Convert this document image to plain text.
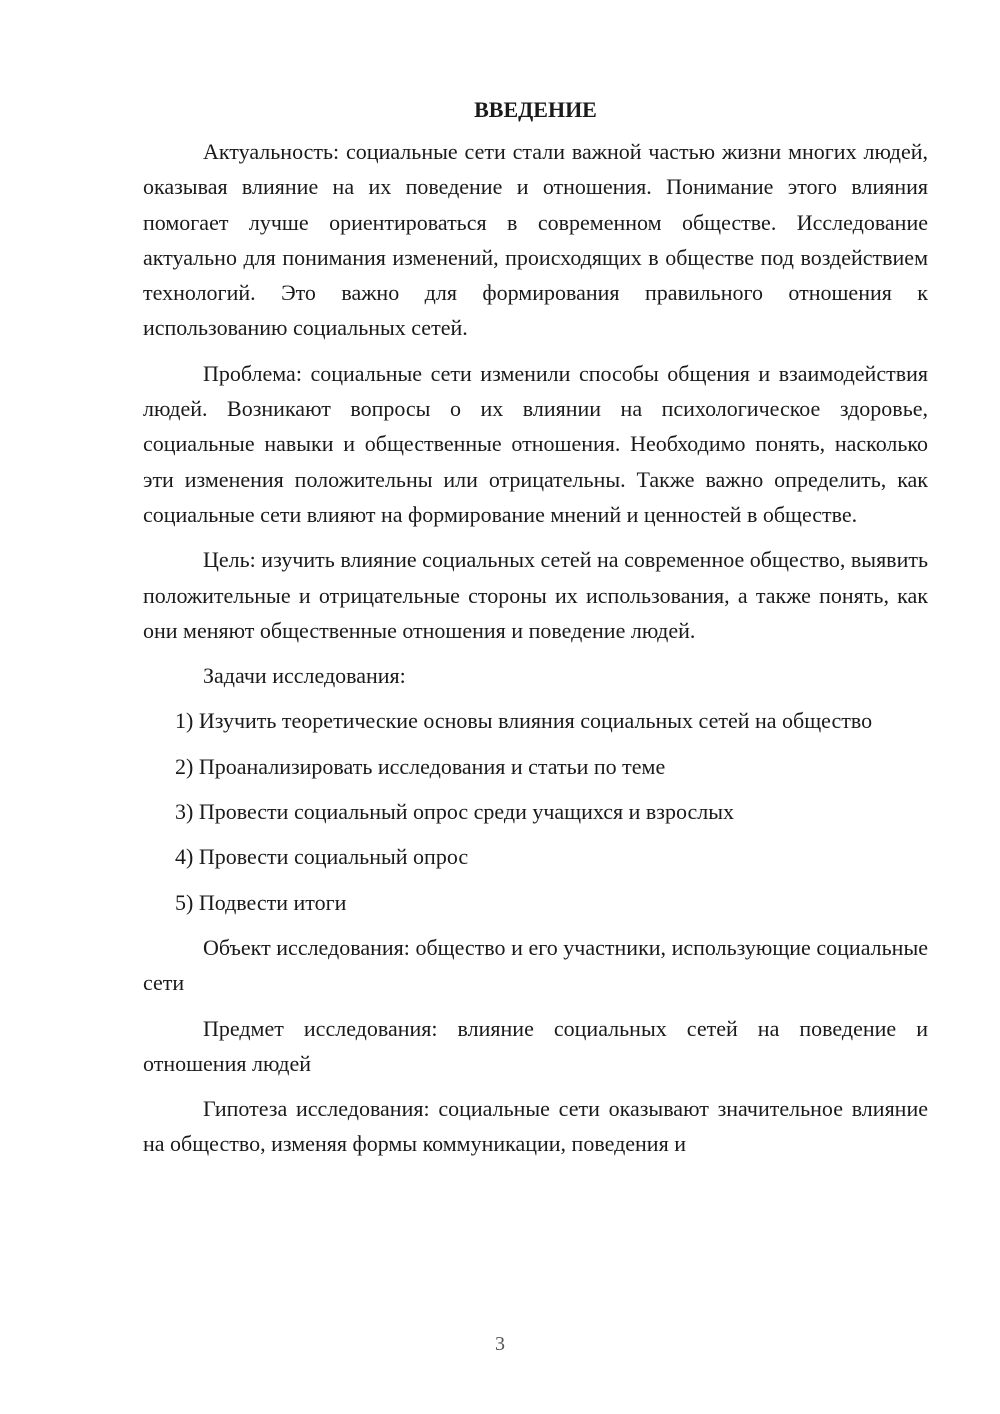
ВВЕДЕНИЕ

Актуальность: социальные сети стали важной частью жизни многих людей, оказывая влияние на их поведение и отношения. Понимание этого влияния помогает лучше ориентироваться в современном обществе. Исследование актуально для понимания изменений, происходящих в обществе под воздействием технологий. Это важно для формирования правильного отношения к использованию социальных сетей.

Проблема: социальные сети изменили способы общения и взаимодействия людей. Возникают вопросы о их влиянии на психологическое здоровье, социальные навыки и общественные отношения. Необходимо понять, насколько эти изменения положительны или отрицательны. Также важно определить, как социальные сети влияют на формирование мнений и ценностей в обществе.

Цель: изучить влияние социальных сетей на современное общество, выявить положительные и отрицательные стороны их использования, а также понять, как они меняют общественные отношения и поведение людей.

Задачи исследования:

1) Изучить теоретические основы влияния социальных сетей на общество

2) Проанализировать исследования и статьи по теме

3) Провести социальный опрос среди учащихся и взрослых

4) Провести социальный опрос

5) Подвести итоги

Объект исследования: общество и его участники, использующие социальные сети

Предмет исследования: влияние социальных сетей на поведение и отношения людей

Гипотеза исследования: социальные сети оказывают значительное влияние на общество, изменяя формы коммуникации, поведения и

3
